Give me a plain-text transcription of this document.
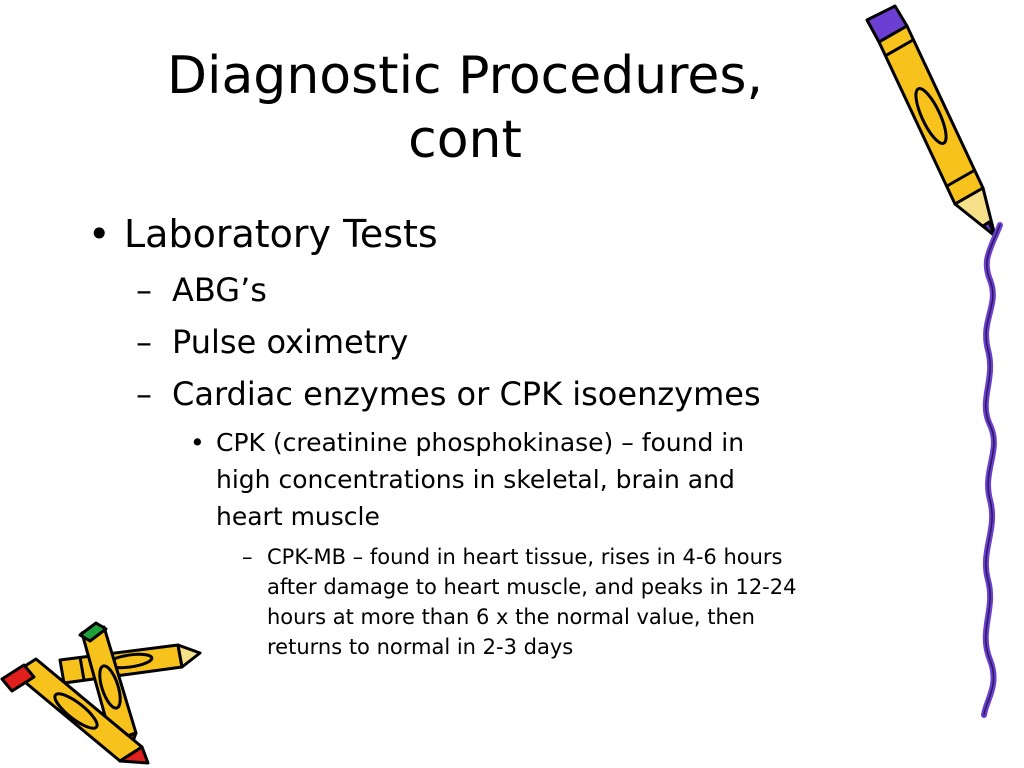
Diagnostic Procedures,
cont
• Laboratory Tests
– ABG’s
– Pulse oximetry
– Cardiac enzymes or CPK isoenzymes
• CPK (creatinine phosphokinase) – found in
high concentrations in skeletal, brain and
heart muscle
– CPK-MB – found in heart tissue, rises in 4-6 hours
after damage to heart muscle, and peaks in 12-24
hours at more than 6 x the normal value, then
returns to normal in 2-3 days
